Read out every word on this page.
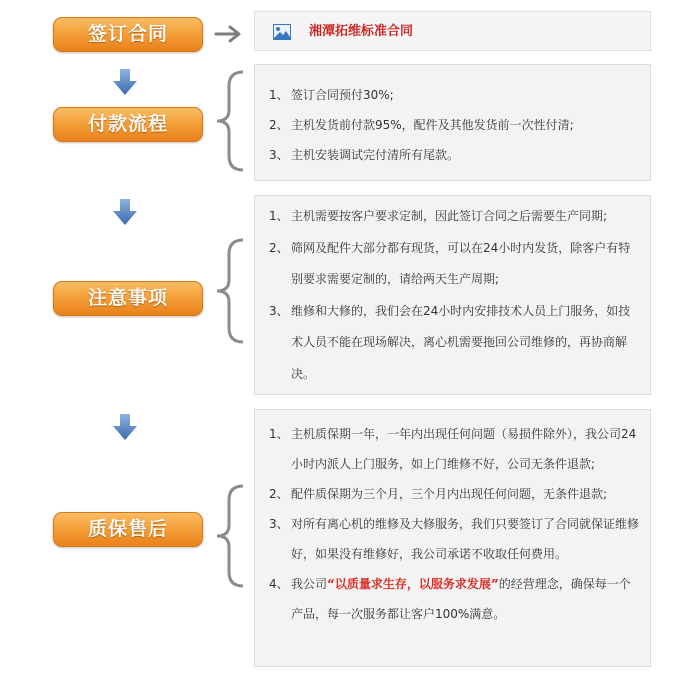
签订合同	湘潭拓维标准合同
付款流程
1、 签订合同预付30%;
2、 主机发货前付款95%，配件及其他发货前一次性付清;
3、 主机安装调试完付清所有尾款。
注意事项
1、 主机需要按客户要求定制，因此签订合同之后需要生产同期;
2、 筛网及配件大部分都有现货，可以在24小时内发货，除客户有特别要求需要定制的，请给两天生产周期;
3、 维修和大修的，我们会在24小时内安排技术人员上门服务，如技术人员不能在现场解决，离心机需要拖回公司维修的，再协商解决。
质保售后
1、 主机质保期一年，一年内出现任何问题（易损件除外），我公司24小时内派人上门服务，如上门维修不好，公司无条件退款;
2、 配件质保期为三个月，三个月内出现任何问题，无条件退款;
3、 对所有离心机的维修及大修服务，我们只要签订了合同就保证维修好，如果没有维修好，我公司承诺不收取任何费用。
4、 我公司“以质量求生存，以服务求发展”的经营理念，确保每一个产品，每一次服务都让客户100%满意。
